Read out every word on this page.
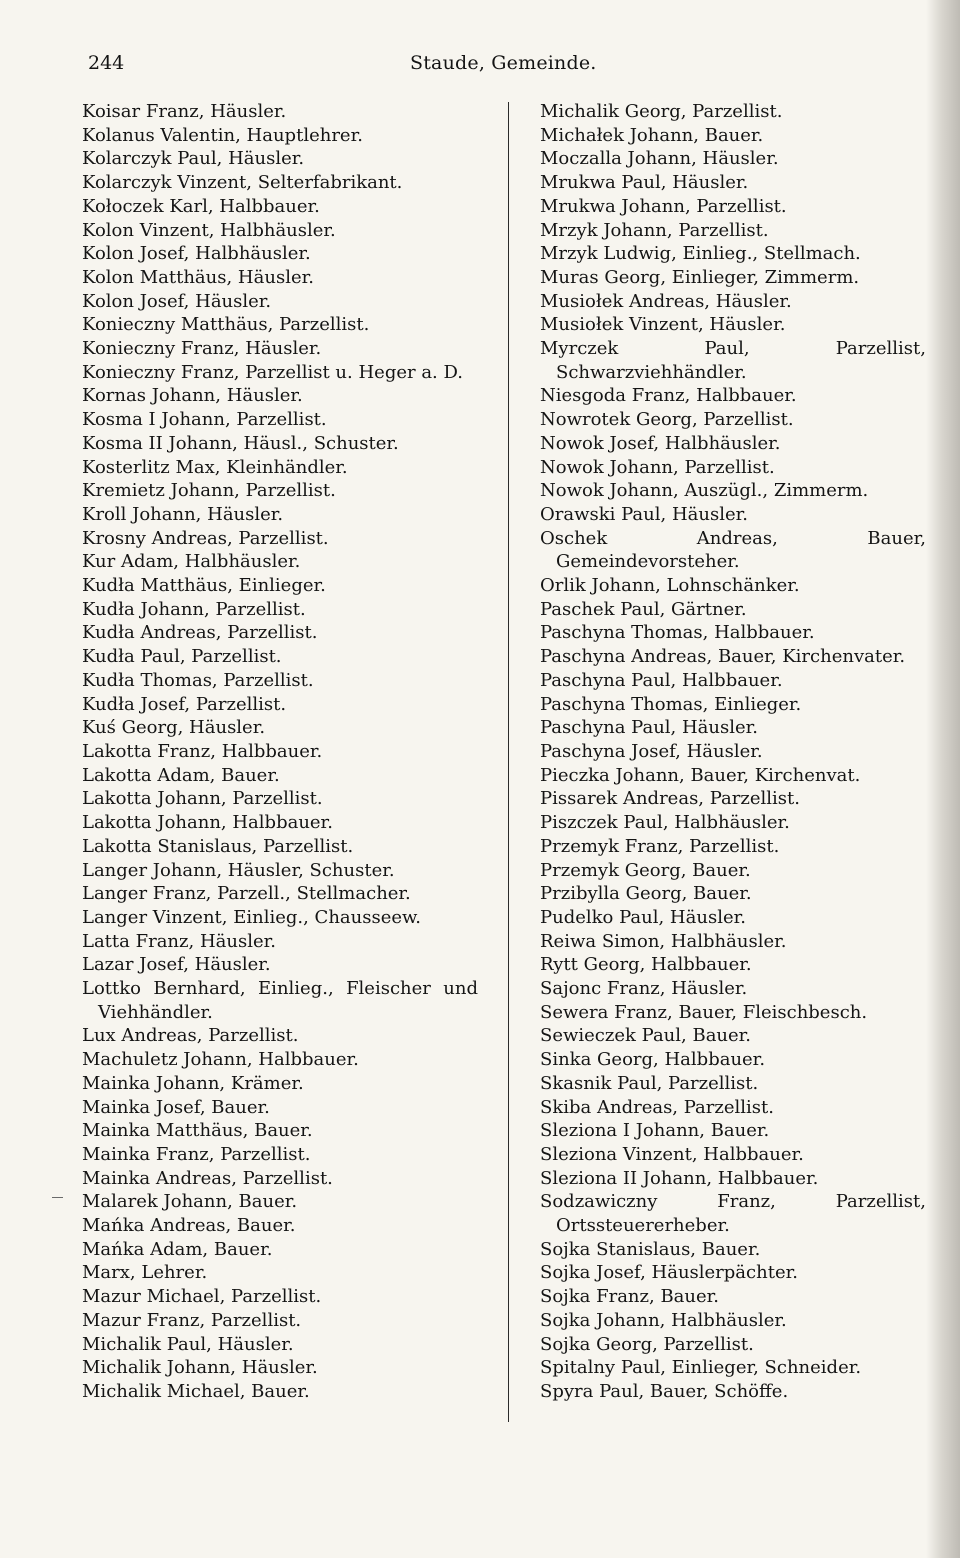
244	Staude, Gemeinde.
Koisar Franz, Häusler.
Kolanus Valentin, Hauptlehrer.
Kolarczyk Paul, Häusler.
Kolarczyk Vinzent, Selterfabrikant.
Kołoczek Karl, Halbbauer.
Kolon Vinzent, Halbhäusler.
Kolon Josef, Halbhäusler.
Kolon Matthäus, Häusler.
Kolon Josef, Häusler.
Konieczny Matthäus, Parzellist.
Konieczny Franz, Häusler.
Konieczny Franz, Parzellist u. Heger a. D.
Kornas Johann, Häusler.
Kosma I Johann, Parzellist.
Kosma II Johann, Häusl., Schuster.
Kosterlitz Max, Kleinhändler.
Kremietz Johann, Parzellist.
Kroll Johann, Häusler.
Krosny Andreas, Parzellist.
Kur Adam, Halbhäusler.
Kudła Matthäus, Einlieger.
Kudła Johann, Parzellist.
Kudła Andreas, Parzellist.
Kudła Paul, Parzellist.
Kudła Thomas, Parzellist.
Kudła Josef, Parzellist.
Kuś Georg, Häusler.
Lakotta Franz, Halbbauer.
Lakotta Adam, Bauer.
Lakotta Johann, Parzellist.
Lakotta Johann, Halbbauer.
Lakotta Stanislaus, Parzellist.
Langer Johann, Häusler, Schuster.
Langer Franz, Parzell., Stellmacher.
Langer Vinzent, Einlieg., Chausseew.
Latta Franz, Häusler.
Lazar Josef, Häusler.
Lottko Bernhard, Einlieg., Fleischer und Viehhändler.
Lux Andreas, Parzellist.
Machuletz Johann, Halbbauer.
Mainka Johann, Krämer.
Mainka Josef, Bauer.
Mainka Matthäus, Bauer.
Mainka Franz, Parzellist.
Mainka Andreas, Parzellist.
Malarek Johann, Bauer.
Mańka Andreas, Bauer.
Mańka Adam, Bauer.
Marx, Lehrer.
Mazur Michael, Parzellist.
Mazur Franz, Parzellist.
Michalik Paul, Häusler.
Michalik Johann, Häusler.
Michalik Michael, Bauer.
Michalik Georg, Parzellist.
Michałek Johann, Bauer.
Moczalla Johann, Häusler.
Mrukwa Paul, Häusler.
Mrukwa Johann, Parzellist.
Mrzyk Johann, Parzellist.
Mrzyk Ludwig, Einlieg., Stellmach.
Muras Georg, Einlieger, Zimmerm.
Musiołek Andreas, Häusler.
Musiołek Vinzent, Häusler.
Myrczek Paul, Parzellist, Schwarzviehhändler.
Niesgoda Franz, Halbbauer.
Nowrotek Georg, Parzellist.
Nowok Josef, Halbhäusler.
Nowok Johann, Parzellist.
Nowok Johann, Auszügl., Zimmerm.
Orawski Paul, Häusler.
Oschek Andreas, Bauer, Gemeindevorsteher.
Orlik Johann, Lohnschänker.
Paschek Paul, Gärtner.
Paschyna Thomas, Halbbauer.
Paschyna Andreas, Bauer, Kirchenvater.
Paschyna Paul, Halbbauer.
Paschyna Thomas, Einlieger.
Paschyna Paul, Häusler.
Paschyna Josef, Häusler.
Pieczka Johann, Bauer, Kirchenvat.
Pissarek Andreas, Parzellist.
Piszczek Paul, Halbhäusler.
Przemyk Franz, Parzellist.
Przemyk Georg, Bauer.
Przibylla Georg, Bauer.
Pudelko Paul, Häusler.
Reiwa Simon, Halbhäusler.
Rytt Georg, Halbbauer.
Sajonc Franz, Häusler.
Sewera Franz, Bauer, Fleischbesch.
Sewieczek Paul, Bauer.
Sinka Georg, Halbbauer.
Skasnik Paul, Parzellist.
Skiba Andreas, Parzellist.
Sleziona I Johann, Bauer.
Sleziona Vinzent, Halbbauer.
Sleziona II Johann, Halbbauer.
Sodzawiczny Franz, Parzellist, Ortssteuererheber.
Sojka Stanislaus, Bauer.
Sojka Josef, Häuslerpächter.
Sojka Franz, Bauer.
Sojka Johann, Halbhäusler.
Sojka Georg, Parzellist.
Spitalny Paul, Einlieger, Schneider.
Spyra Paul, Bauer, Schöffe.
